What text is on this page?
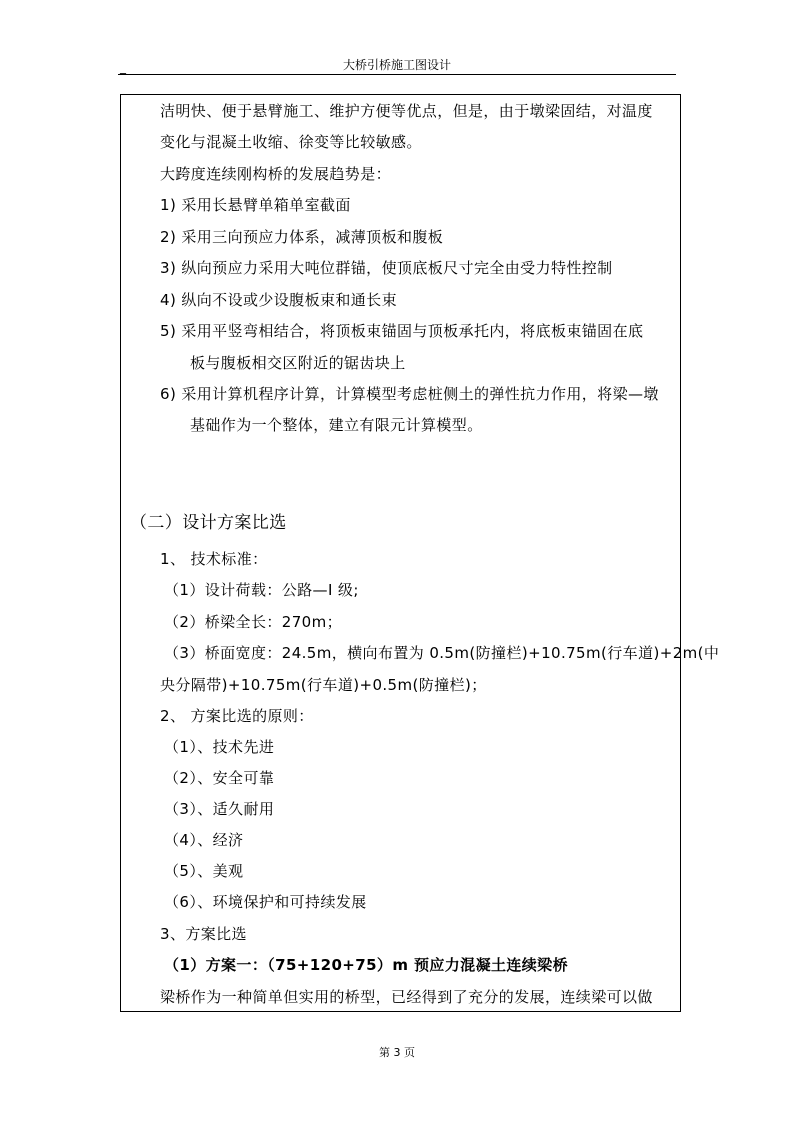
_	大桥引桥施工图设计
洁明快、便于悬臂施工、维护方便等优点，但是，由于墩梁固结，对温度
变化与混凝土收缩、徐变等比较敏感。
大跨度连续刚构桥的发展趋势是：
1) 采用长悬臂单箱单室截面
2) 采用三向预应力体系，减薄顶板和腹板
3) 纵向预应力采用大吨位群锚，使顶底板尺寸完全由受力特性控制
4) 纵向不设或少设腹板束和通长束
5) 采用平竖弯相结合，将顶板束锚固与顶板承托内，将底板束锚固在底
板与腹板相交区附近的锯齿块上
6) 采用计算机程序计算，计算模型考虑桩侧土的弹性抗力作用，将梁—墩
基础作为一个整体，建立有限元计算模型。
（二）设计方案比选
1、 技术标准：
（1）设计荷载：公路—I 级;
（2）桥梁全长：270m；
（3）桥面宽度：24.5m，横向布置为 0.5m(防撞栏)+10.75m(行车道)+2m(中
央分隔带)+10.75m(行车道)+0.5m(防撞栏)；
2、 方案比选的原则：
（1）、技术先进
（2）、安全可靠
（3）、适久耐用
（4）、经济
（5）、美观
（6）、环境保护和可持续发展
3、方案比选
（1）方案一：（75+120+75）m 预应力混凝土连续梁桥
梁桥作为一种简单但实用的桥型，已经得到了充分的发展，连续梁可以做
第 3 页
